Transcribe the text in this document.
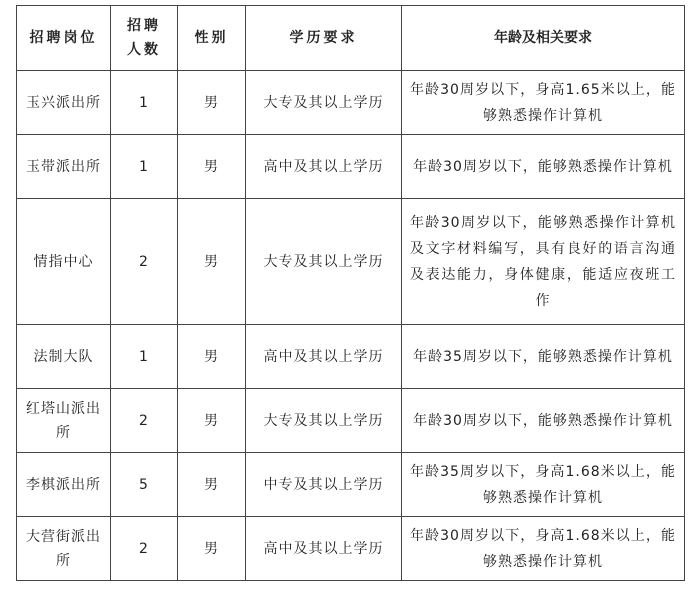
招聘岗位	招聘人数	性别	学历要求	年龄及相关要求
玉兴派出所	1	男	大专及其以上学历	年龄30周岁以下，身高1.65米以上，能够熟悉操作计算机
玉带派出所	1	男	高中及其以上学历	年龄30周岁以下，能够熟悉操作计算机
情指中心	2	男	大专及其以上学历	年龄30周岁以下，能够熟悉操作计算机及文字材料编写，具有良好的语言沟通及表达能力，身体健康，能适应夜班工作
法制大队	1	男	高中及其以上学历	年龄35周岁以下，能够熟悉操作计算机
红塔山派出所	2	男	大专及其以上学历	年龄30周岁以下，能够熟悉操作计算机
李棋派出所	5	男	中专及其以上学历	年龄35周岁以下，身高1.68米以上，能够熟悉操作计算机
大营街派出所	2	男	高中及其以上学历	年龄30周岁以下，身高1.68米以上，能够熟悉操作计算机
